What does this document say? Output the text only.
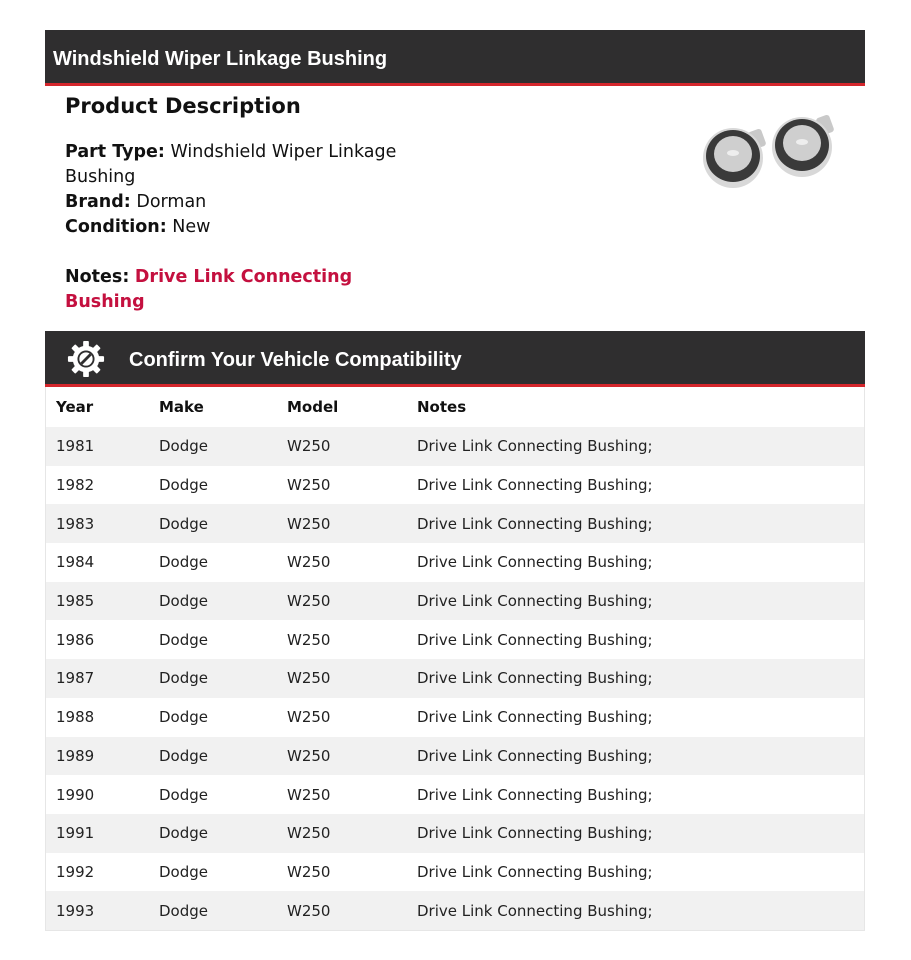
Windshield Wiper Linkage Bushing
Product Description
Part Type: Windshield Wiper Linkage Bushing
Brand: Dorman
Condition: New
Notes: Drive Link Connecting Bushing
Confirm Your Vehicle Compatibility
Year	Make	Model	Notes
1981	Dodge	W250	Drive Link Connecting Bushing;
1982	Dodge	W250	Drive Link Connecting Bushing;
1983	Dodge	W250	Drive Link Connecting Bushing;
1984	Dodge	W250	Drive Link Connecting Bushing;
1985	Dodge	W250	Drive Link Connecting Bushing;
1986	Dodge	W250	Drive Link Connecting Bushing;
1987	Dodge	W250	Drive Link Connecting Bushing;
1988	Dodge	W250	Drive Link Connecting Bushing;
1989	Dodge	W250	Drive Link Connecting Bushing;
1990	Dodge	W250	Drive Link Connecting Bushing;
1991	Dodge	W250	Drive Link Connecting Bushing;
1992	Dodge	W250	Drive Link Connecting Bushing;
1993	Dodge	W250	Drive Link Connecting Bushing;
